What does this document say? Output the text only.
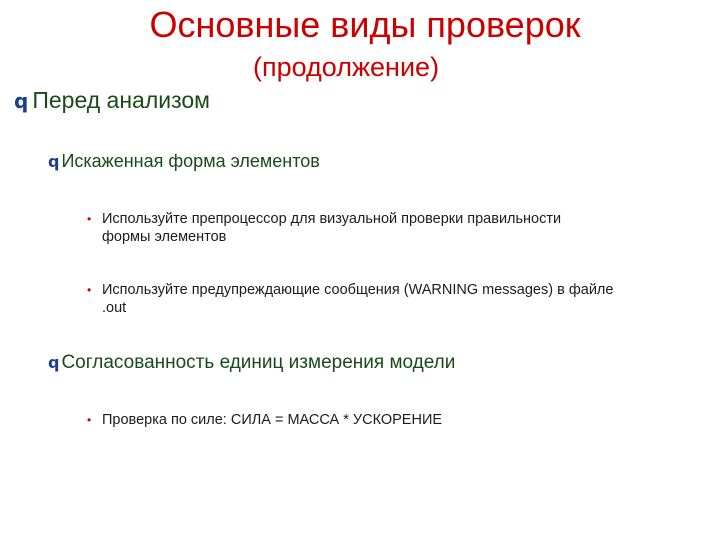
Основные виды проверок
(продолжение)
q Перед анализом
q Искаженная форма элементов
• Используйте препроцессор для визуальной проверки правильности
формы элементов
• Используйте предупреждающие сообщения (WARNING messages) в файле
.out
q Согласованность единиц измерения модели
• Проверка по силе: СИЛА = МАССА * УСКОРЕНИЕ
